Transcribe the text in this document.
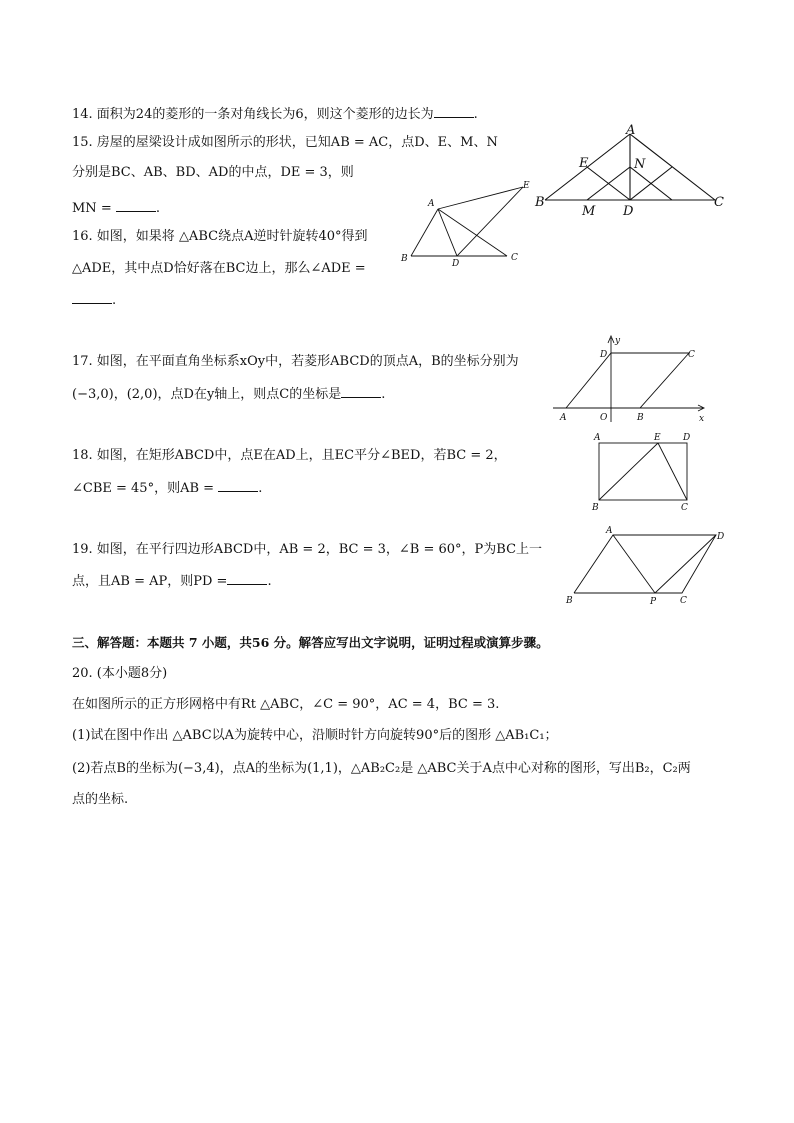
14. 面积为24的菱形的一条对角线长为6，则这个菱形的边长为	.
15. 房屋的屋梁设计成如图所示的形状，已知AB = AC，点D、E、M、N
分别是BC、AB、BD、AD的中点，DE = 3，则
MN =	.
16. 如图，如果将 △ABC绕点A逆时针旋转40°得到
△ADE，其中点D恰好落在BC边上，那么∠ADE =
.
17. 如图，在平面直角坐标系xOy中，若菱形ABCD的顶点A，B的坐标分别为
(−3,0)，(2,0)，点D在y轴上，则点C的坐标是	.
18. 如图，在矩形ABCD中，点E在AD上，且EC平分∠BED，若BC = 2，
∠CBE = 45°，则AB =	.
19. 如图，在平行四边形ABCD中，AB = 2，BC = 3，∠B = 60°，P为BC上一
点，且AB = AP，则PD =	.
三、解答题：本题共 7 小题，共56 分。解答应写出文字说明，证明过程或演算步骤。
20. (本小题8分)
在如图所示的正方形网格中有Rt △ABC，∠C = 90°，AC = 4，BC = 3.
(1)试在图中作出 △ABC以A为旋转中心，沿顺时针方向旋转90°后的图形 △AB₁C₁；
(2)若点B的坐标为(−3,4)，点A的坐标为(1,1)，△AB₂C₂是 △ABC关于A点中心对称的图形，写出B₂，C₂两
点的坐标.
A
B	C
D
E
M
N
A
B	C
D
E
A	B
C
D
O	x
y
A
B	C
D
E
A
B	C
D
P
